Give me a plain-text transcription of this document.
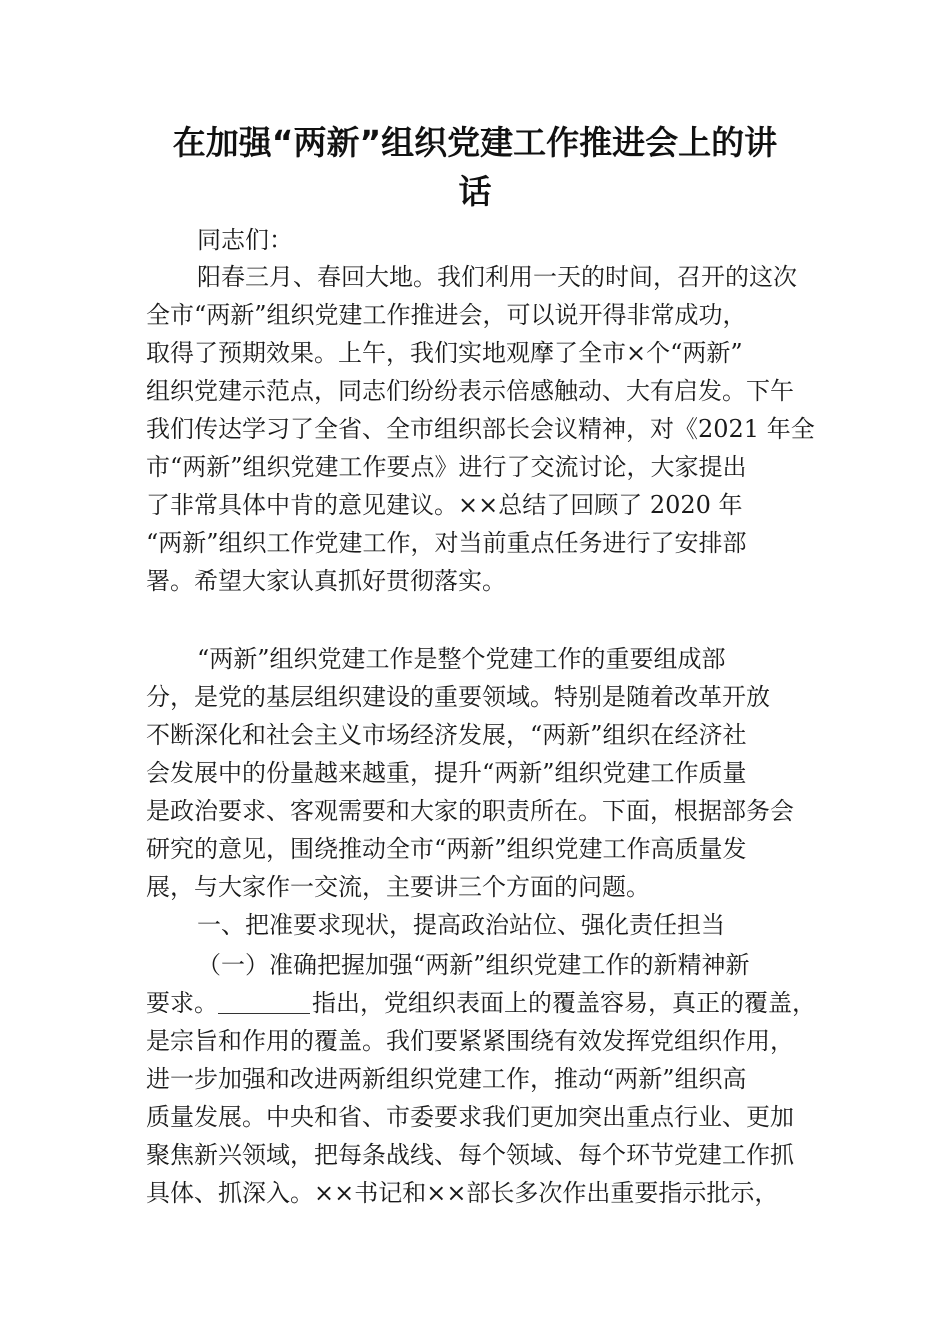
在加强“两新”组织党建工作推进会上的讲
话
同志们：
阳春三月、春回大地。我们利用一天的时间，召开的这次
全市“两新”组织党建工作推进会，可以说开得非常成功，
取得了预期效果。上午，我们实地观摩了全市×个“两新”
组织党建示范点，同志们纷纷表示倍感触动、大有启发。下午
我们传达学习了全省、全市组织部长会议精神，对《2021 年全
市“两新”组织党建工作要点》进行了交流讨论，大家提出
了非常具体中肯的意见建议。××总结了回顾了 2020 年
“两新”组织工作党建工作，对当前重点任务进行了安排部
署。希望大家认真抓好贯彻落实。
“两新”组织党建工作是整个党建工作的重要组成部
分，是党的基层组织建设的重要领域。特别是随着改革开放
不断深化和社会主义市场经济发展，“两新”组织在经济社
会发展中的份量越来越重，提升“两新”组织党建工作质量
是政治要求、客观需要和大家的职责所在。下面，根据部务会
研究的意见，围绕推动全市“两新”组织党建工作高质量发
展，与大家作一交流，主要讲三个方面的问题。
一、把准要求现状，提高政治站位、强化责任担当
（一）准确把握加强“两新”组织党建工作的新精神新
要求。	指出，党组织表面上的覆盖容易，真正的覆盖，
是宗旨和作用的覆盖。我们要紧紧围绕有效发挥党组织作用，
进一步加强和改进两新组织党建工作，推动“两新”组织高
质量发展。中央和省、市委要求我们更加突出重点行业、更加
聚焦新兴领域，把每条战线、每个领域、每个环节党建工作抓
具体、抓深入。××书记和××部长多次作出重要指示批示，
